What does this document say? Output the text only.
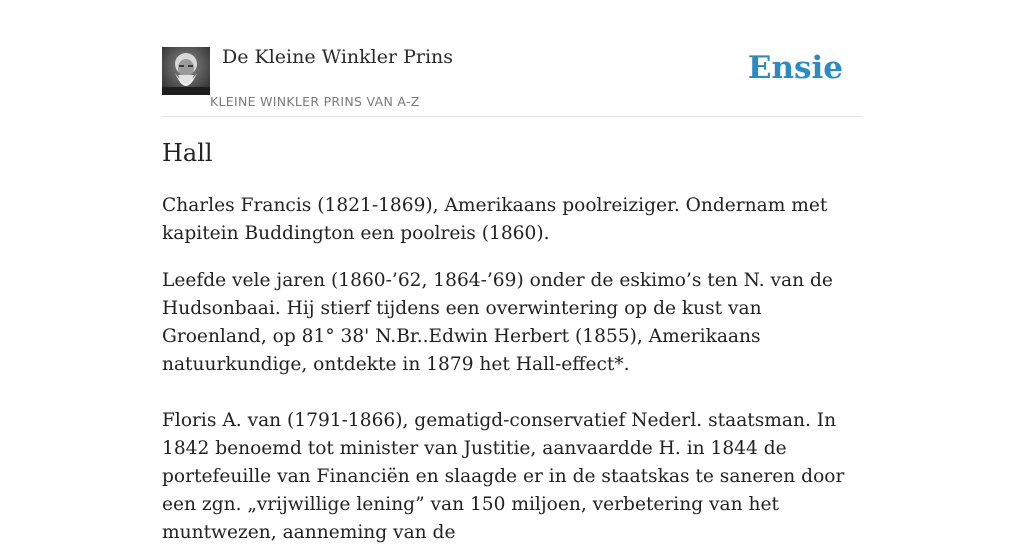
De Kleine Winkler Prins
KLEINE WINKLER PRINS VAN A-Z
Ensie
Hall

Charles Francis (1821-1869), Amerikaans poolreiziger. Ondernam met kapitein Buddington een poolreis (1860).

Leefde vele jaren (1860-’62, 1864-’69) onder de eskimo’s ten N. van de Hudsonbaai. Hij stierf tijdens een overwintering op de kust van Groenland, op 81° 38' N.Br..Edwin Herbert (1855), Amerikaans natuurkundige, ontdekte in 1879 het Hall-effect*.

Floris A. van (1791-1866), gematigd-conservatief Nederl. staatsman. In 1842 benoemd tot minister van Justitie, aanvaardde H. in 1844 de portefeuille van Financiën en slaagde er in de staatskas te saneren door een zgn. „vrijwillige lening” van 150 miljoen, verbetering van het muntwezen, aanneming van de
